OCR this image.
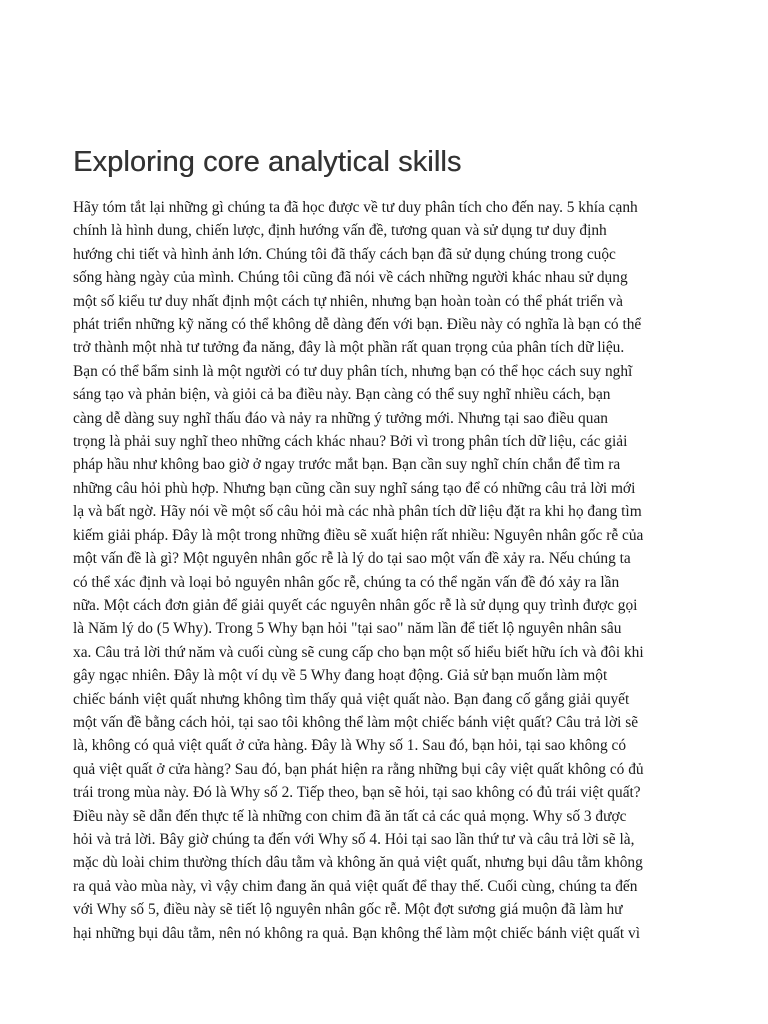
Exploring core analytical skills
Hãy tóm tắt lại những gì chúng ta đã học được về tư duy phân tích cho đến nay. 5 khía cạnh
chính là hình dung, chiến lược, định hướng vấn đề, tương quan và sử dụng tư duy định
hướng chi tiết và hình ảnh lớn. Chúng tôi đã thấy cách bạn đã sử dụng chúng trong cuộc
sống hàng ngày của mình. Chúng tôi cũng đã nói về cách những người khác nhau sử dụng
một số kiểu tư duy nhất định một cách tự nhiên, nhưng bạn hoàn toàn có thể phát triển và
phát triển những kỹ năng có thể không dễ dàng đến với bạn. Điều này có nghĩa là bạn có thể
trở thành một nhà tư tưởng đa năng, đây là một phần rất quan trọng của phân tích dữ liệu.
Bạn có thể bẩm sinh là một người có tư duy phân tích, nhưng bạn có thể học cách suy nghĩ
sáng tạo và phản biện, và giỏi cả ba điều này. Bạn càng có thể suy nghĩ nhiều cách, bạn
càng dễ dàng suy nghĩ thấu đáo và nảy ra những ý tưởng mới. Nhưng tại sao điều quan
trọng là phải suy nghĩ theo những cách khác nhau? Bởi vì trong phân tích dữ liệu, các giải
pháp hầu như không bao giờ ở ngay trước mắt bạn. Bạn cần suy nghĩ chín chắn để tìm ra
những câu hỏi phù hợp. Nhưng bạn cũng cần suy nghĩ sáng tạo để có những câu trả lời mới
lạ và bất ngờ. Hãy nói về một số câu hỏi mà các nhà phân tích dữ liệu đặt ra khi họ đang tìm
kiếm giải pháp. Đây là một trong những điều sẽ xuất hiện rất nhiều: Nguyên nhân gốc rễ của
một vấn đề là gì? Một nguyên nhân gốc rễ là lý do tại sao một vấn đề xảy ra. Nếu chúng ta
có thể xác định và loại bỏ nguyên nhân gốc rễ, chúng ta có thể ngăn vấn đề đó xảy ra lần
nữa. Một cách đơn giản để giải quyết các nguyên nhân gốc rễ là sử dụng quy trình được gọi
là Năm lý do (5 Why). Trong 5 Why bạn hỏi "tại sao" năm lần để tiết lộ nguyên nhân sâu
xa. Câu trả lời thứ năm và cuối cùng sẽ cung cấp cho bạn một số hiểu biết hữu ích và đôi khi
gây ngạc nhiên. Đây là một ví dụ về 5 Why đang hoạt động. Giả sử bạn muốn làm một
chiếc bánh việt quất nhưng không tìm thấy quả việt quất nào. Bạn đang cố gắng giải quyết
một vấn đề bằng cách hỏi, tại sao tôi không thể làm một chiếc bánh việt quất? Câu trả lời sẽ
là, không có quả việt quất ở cửa hàng. Đây là Why số 1. Sau đó, bạn hỏi, tại sao không có
quả việt quất ở cửa hàng? Sau đó, bạn phát hiện ra rằng những bụi cây việt quất không có đủ
trái trong mùa này. Đó là Why số 2. Tiếp theo, bạn sẽ hỏi, tại sao không có đủ trái việt quất?
Điều này sẽ dẫn đến thực tế là những con chim đã ăn tất cả các quả mọng. Why số 3 được
hỏi và trả lời. Bây giờ chúng ta đến với Why số 4. Hỏi tại sao lần thứ tư và câu trả lời sẽ là,
mặc dù loài chim thường thích dâu tằm và không ăn quả việt quất, nhưng bụi dâu tằm không
ra quả vào mùa này, vì vậy chim đang ăn quả việt quất để thay thế. Cuối cùng, chúng ta đến
với Why số 5, điều này sẽ tiết lộ nguyên nhân gốc rễ. Một đợt sương giá muộn đã làm hư
hại những bụi dâu tằm, nên nó không ra quả. Bạn không thể làm một chiếc bánh việt quất vì
